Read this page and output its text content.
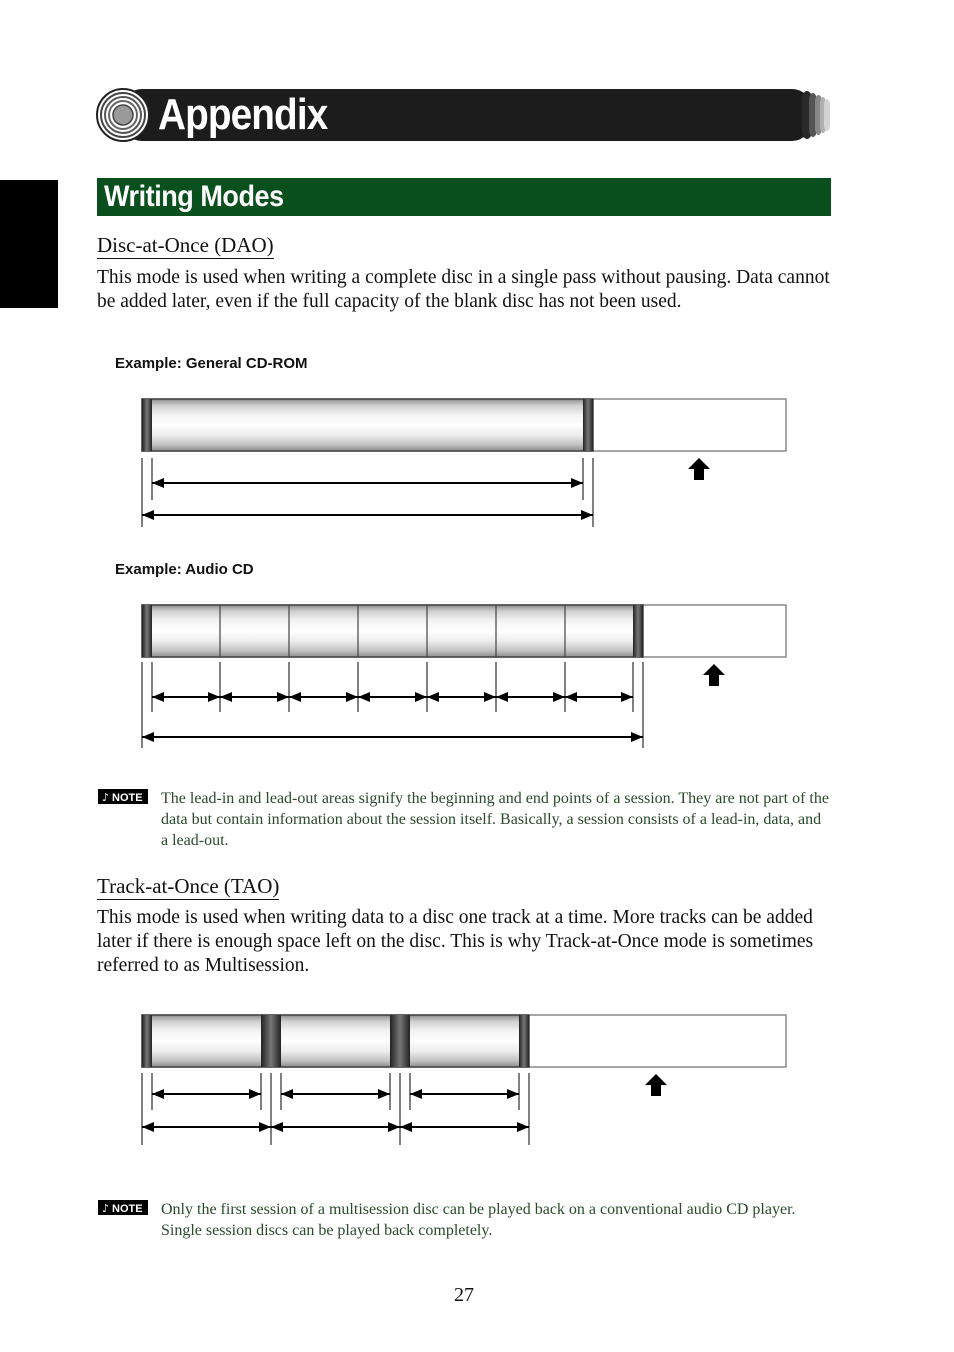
Appendix
Writing Modes
Disc-at-Once (DAO)
This mode is used when writing a complete disc in a single pass without pausing. Data cannot be added later, even if the full capacity of the blank disc has not been used.
Example: General CD-ROM
Example: Audio CD
♪ NOTE The lead-in and lead-out areas signify the beginning and end points of a session. They are not part of the data but contain information about the session itself. Basically, a session consists of a lead-in, data, and a lead-out.
Track-at-Once (TAO)
This mode is used when writing data to a disc one track at a time. More tracks can be added later if there is enough space left on the disc. This is why Track-at-Once mode is sometimes referred to as Multisession.
♪ NOTE Only the first session of a multisession disc can be played back on a conventional audio CD player. Single session discs can be played back completely.
27
